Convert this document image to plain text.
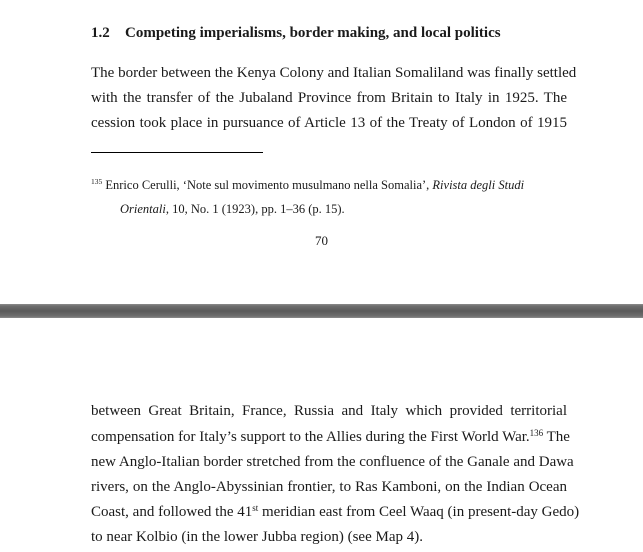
1.2 Competing imperialisms, border making, and local politics
The border between the Kenya Colony and Italian Somaliland was finally settled
with the transfer of the Jubaland Province from Britain to Italy in 1925. The
cession took place in pursuance of Article 13 of the Treaty of London of 1915
$^{135}$ Enrico Cerulli, ‘Note sul movimento musulmano nella Somalia’, Rivista degli Studi
Orientali, 10, No. 1 (1923), pp. 1–36 (p. 15).
70
between Great Britain, France, Russia and Italy which provided territorial
compensation for Italy’s support to the Allies during the First World War.$^{136}$ The
new Anglo-Italian border stretched from the confluence of the Ganale and Dawa
rivers, on the Anglo-Abyssinian frontier, to Ras Kamboni, on the Indian Ocean
Coast, and followed the 41st meridian east from Ceel Waaq (in present-day Gedo)
to near Kolbio (in the lower Jubba region) (see Map 4).
